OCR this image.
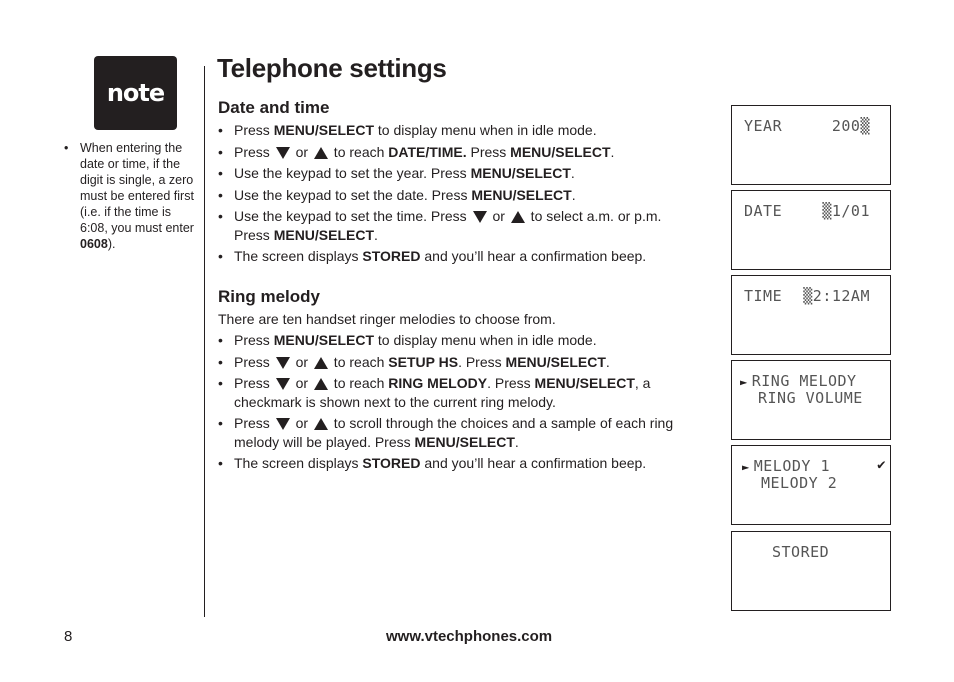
note
• When entering the date or time, if the digit is single, a zero must be entered first (i.e. if the time is 6:08, you must enter 0608).
Telephone settings
Date and time
• Press MENU/SELECT to display menu when in idle mode.
• Press  or  to reach DATE/TIME. Press MENU/SELECT.
• Use the keypad to set the year. Press MENU/SELECT.
• Use the keypad to set the date. Press MENU/SELECT.
• Use the keypad to set the time. Press  or  to select a.m. or p.m. Press MENU/SELECT.
• The screen displays STORED and you’ll hear a confirmation beep.
Ring melody

There are ten handset ringer melodies to choose from.

• Press MENU/SELECT to display menu when in idle mode.
• Press  or  to reach SETUP HS. Press MENU/SELECT.
• Press  or  to reach RING MELODY. Press MENU/SELECT, a checkmark is shown next to the current ring melody.
• Press  or  to scroll through the choices and a sample of each ring melody will be played. Press MENU/SELECT.
• The screen displays STORED and you’ll hear a confirmation beep.
YEAR	200▒
DATE	▒1/01
TIME ▒2:12AM
► RING MELODY
RING VOLUME
► MELODY 1	✔
MELODY 2
STORED
8	www.vtechphones.com
